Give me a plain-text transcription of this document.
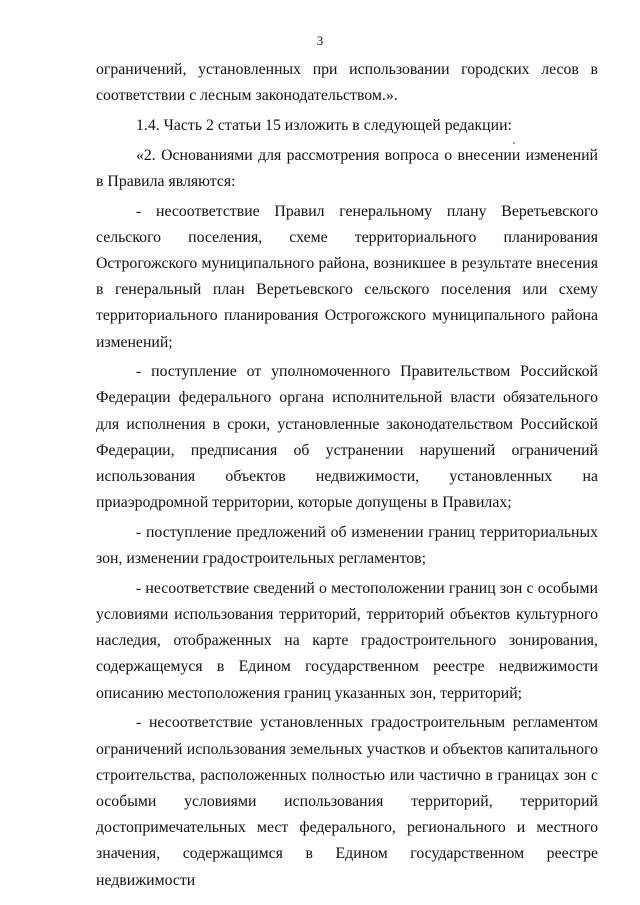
3

ограничений, установленных при использовании городских лесов в соответствии с лесным законодательством.».

1.4. Часть 2 статьи 15 изложить в следующей редакции:

«2. Основаниями для рассмотрения вопроса о внесении изменений в Правила являются:

- несоответствие Правил генеральному плану Веретьевского сельского поселения, схеме территориального планирования Острогожского муниципального района, возникшее в результате внесения в генеральный план Веретьевского сельского поселения или схему территориального планирования Острогожского муниципального района изменений;

- поступление от уполномоченного Правительством Российской Федерации федерального органа исполнительной власти обязательного для исполнения в сроки, установленные законодательством Российской Федерации, предписания об устранении нарушений ограничений использования объектов недвижимости, установленных на приаэродромной территории, которые допущены в Правилах;

- поступление предложений об изменении границ территориальных зон, изменении градостроительных регламентов;

- несоответствие сведений о местоположении границ зон с особыми условиями использования территорий, территорий объектов культурного наследия, отображенных на карте градостроительного зонирования, содержащемуся в Едином государственном реестре недвижимости описанию местоположения границ указанных зон, территорий;

- несоответствие установленных градостроительным регламентом ограничений использования земельных участков и объектов капитального строительства, расположенных полностью или частично в границах зон с особыми условиями использования территорий, территорий достопримечательных мест федерального, регионального и местного значения, содержащимся в Едином государственном реестре недвижимости
